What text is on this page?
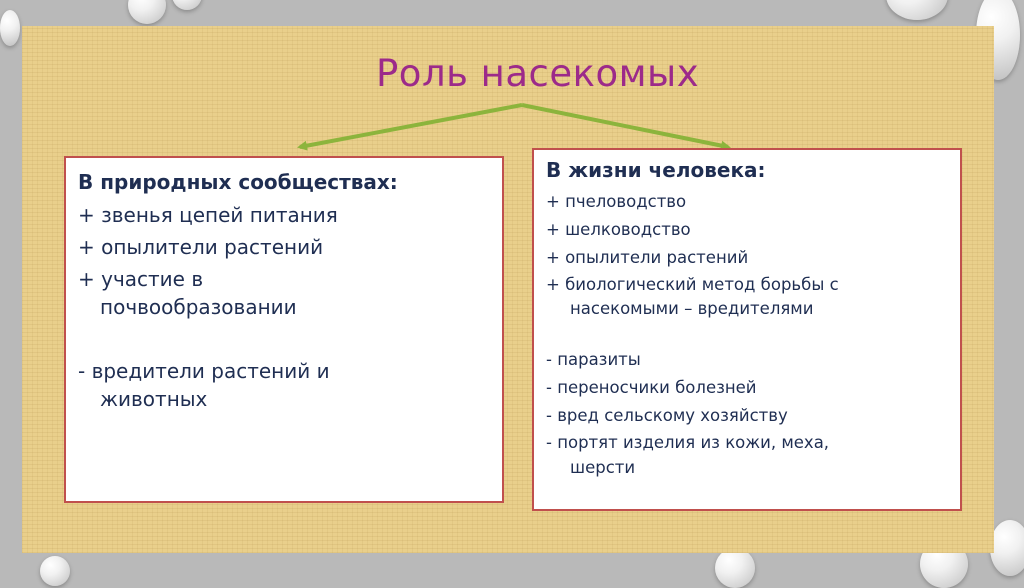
Роль насекомых
В природных сообществах:
+ звенья цепей питания
+ опылители растений
+ участие в
почвообразовании
- вредители растений и
животных
В жизни человека:
+ пчеловодство
+ шелководство
+ опылители растений
+ биологический метод борьбы с
насекомыми – вредителями
- паразиты
- переносчики болезней
- вред сельскому хозяйству
- портят изделия из кожи, меха,
шерсти
